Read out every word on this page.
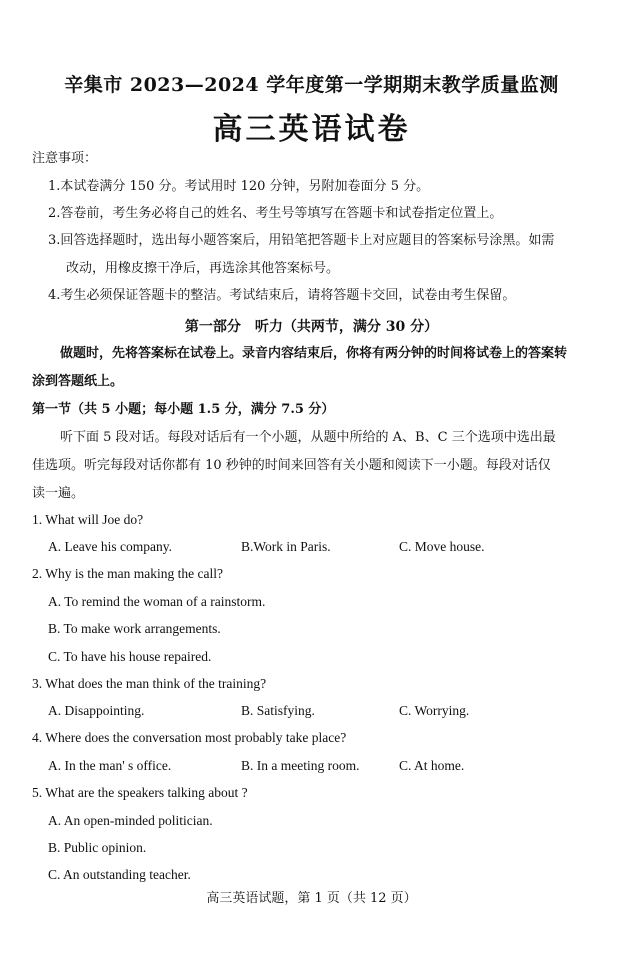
辛集市 2023—2024 学年度第一学期期末教学质量监测
高三英语试卷
注意事项：
1.本试卷满分 150 分。考试用时 120 分钟，另附加卷面分 5 分。
2.答卷前，考生务必将自己的姓名、考生号等填写在答题卡和试卷指定位置上。
3.回答选择题时，选出每小题答案后，用铅笔把答题卡上对应题目的答案标号涂黑。如需
改动，用橡皮擦干净后，再选涂其他答案标号。
4.考生必须保证答题卡的整洁。考试结束后，请将答题卡交回，试卷由考生保留。
第一部分　听力（共两节，满分 30 分）
做题时，先将答案标在试卷上。录音内容结束后，你将有两分钟的时间将试卷上的答案转
涂到答题纸上。
第一节（共 5 小题；每小题 1.5 分，满分 7.5 分）
听下面 5 段对话。每段对话后有一个小题，从题中所给的 A、B、C 三个选项中选出最
佳选项。听完每段对话你都有 10 秒钟的时间来回答有关小题和阅读下一小题。每段对话仅
读一遍。
1. What will Joe do?
A. Leave his company.	B.Work in Paris.	C. Move house.
2. Why is the man making the call?
A. To remind the woman of a rainstorm.
B. To make work arrangements.
C. To have his house repaired.
3. What does the man think of the training?
A. Disappointing.	B. Satisfying.	C. Worrying.
4. Where does the conversation most probably take place?
A. In the man' s office.	B. In a meeting room.	C. At home.
5. What are the speakers talking about ?
A. An open-minded politician.
B. Public opinion.
C. An outstanding teacher.
高三英语试题，第 1 页（共 12 页）
